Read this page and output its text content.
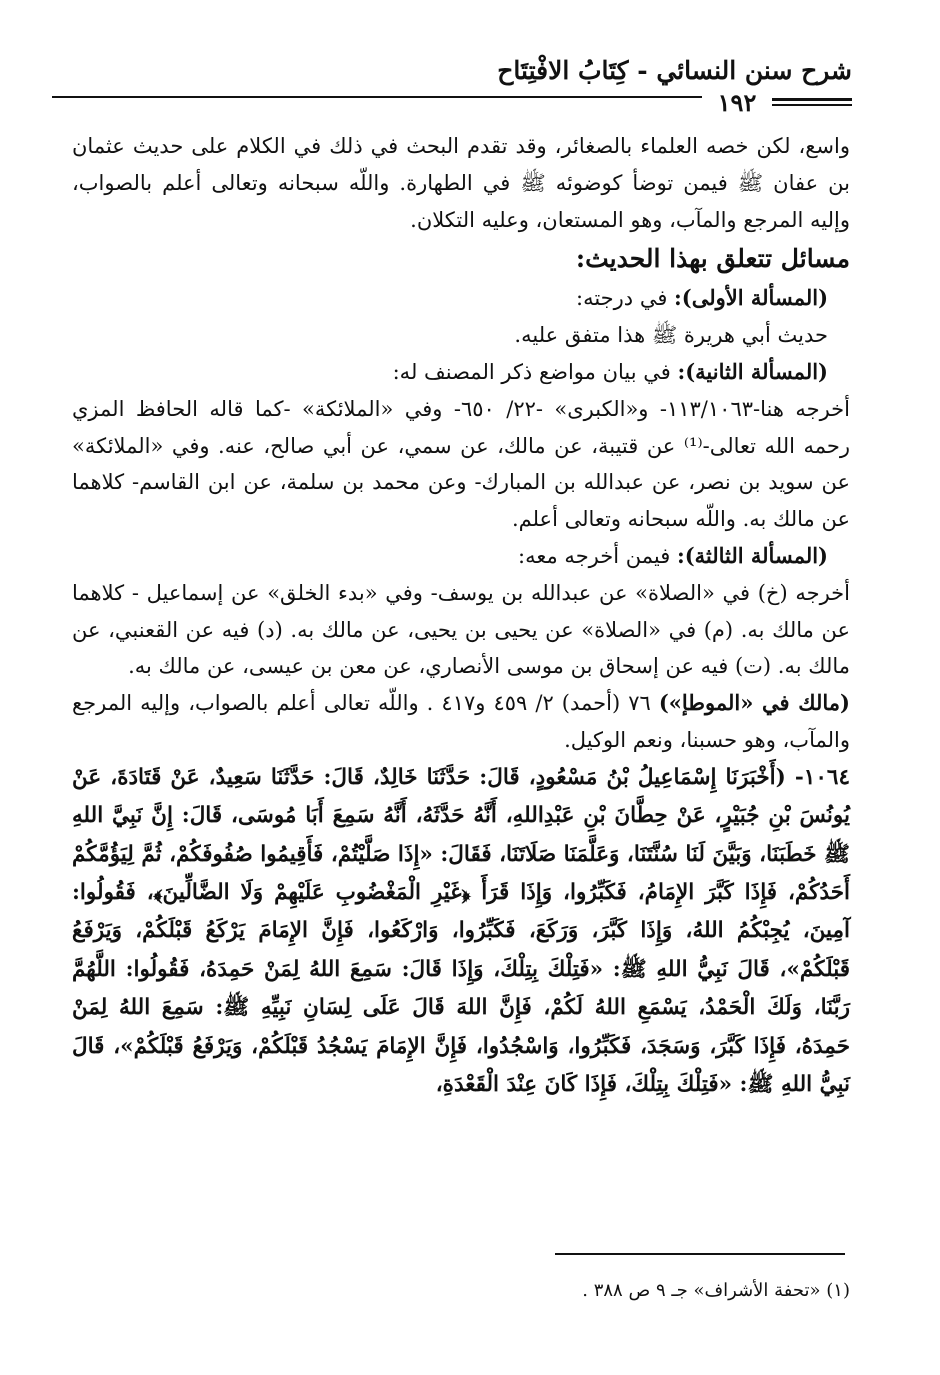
شرح سنن النسائي - كِتَابُ الافْتِتَاح
١٩٢

واسع، لكن خصه العلماء بالصغائر، وقد تقدم البحث في ذلك في الكلام على حديث عثمان بن عفان ﷺ فيمن توضأ كوضوئه ﷺ في الطهارة. واللّه سبحانه وتعالى أعلم بالصواب، وإليه المرجع والمآب، وهو المستعان، وعليه التكلان.

مسائل تتعلق بهذا الحديث:

(المسألة الأولى): في درجته:

حديث أبي هريرة ﷺ هذا متفق عليه.

(المسألة الثانية): في بيان مواضع ذكر المصنف له:

أخرجه هنا-١١٣/١٠٦٣- و«الكبرى» -٢٢/ ٦٥٠- وفي «الملائكة» -كما قاله الحافظ المزي رحمه الله تعالى-⁽¹⁾ عن قتيبة، عن مالك، عن سمي، عن أبي صالح، عنه. وفي «الملائكة» عن سويد بن نصر، عن عبدالله بن المبارك- وعن محمد بن سلمة، عن ابن القاسم- كلاهما عن مالك به. واللّه سبحانه وتعالى أعلم.

(المسألة الثالثة): فيمن أخرجه معه:

أخرجه (خ) في «الصلاة» عن عبدالله بن يوسف- وفي «بدء الخلق» عن إسماعيل - كلاهما عن مالك به. (م) في «الصلاة» عن يحيى بن يحيى، عن مالك به. (د) فيه عن القعنبي، عن مالك به. (ت) فيه عن إسحاق بن موسى الأنصاري، عن معن بن عيسى، عن مالك به.

(مالك في «الموطإ») ٧٦ (أحمد) ٢/ ٤٥٩ و٤١٧ . واللّه تعالى أعلم بالصواب، وإليه المرجع والمآب، وهو حسبنا، ونعم الوكيل.

١٠٦٤- (أَخْبَرَنَا إِسْمَاعِيلُ بْنُ مَسْعُودٍ، قَالَ: حَدَّثَنَا خَالِدٌ، قَالَ: حَدَّثَنَا سَعِيدٌ، عَنْ قَتَادَةَ، عَنْ يُونُسَ بْنِ جُبَيْرٍ، عَنْ حِطَّانَ بْنِ عَبْدِاللهِ، أَنَّهُ حَدَّثَهُ، أَنَّهُ سَمِعَ أَبَا مُوسَى، قَالَ: إِنَّ نَبِيَّ اللهِ ﷺ خَطَبَنَا، وَبَيَّنَ لَنَا سُنَّتَنَا، وَعَلَّمَنَا صَلَاتَنَا، فَقَالَ: «إِذَا صَلَّيْتُمْ، فَأَقِيمُوا صُفُوفَكُمْ، ثُمَّ لِيَؤُمَّكُمْ أَحَدُكُمْ، فَإِذَا كَبَّرَ الإِمَامُ، فَكَبِّرُوا، وَإِذَا قَرَأَ ﴿غَيْرِ الْمَغْضُوبِ عَلَيْهِمْ وَلَا الضَّالِّينَ﴾، فَقُولُوا: آمِينَ، يُجِبْكُمُ اللهُ، وَإِذَا كَبَّرَ، وَرَكَعَ، فَكَبِّرُوا، وَارْكَعُوا، فَإِنَّ الإِمَامَ يَرْكَعُ قَبْلَكُمْ، وَيَرْفَعُ قَبْلَكُمْ»، قَالَ نَبِيُّ اللهِ ﷺ: «فَتِلْكَ بِتِلْكَ، وَإِذَا قَالَ: سَمِعَ اللهُ لِمَنْ حَمِدَهُ، فَقُولُوا: اللَّهُمَّ رَبَّنَا، وَلَكَ الْحَمْدُ، يَسْمَعِ اللهُ لَكُمْ، فَإِنَّ اللهَ قَالَ عَلَى لِسَانِ نَبِيِّهِ ﷺ: سَمِعَ اللهُ لِمَنْ حَمِدَهُ، فَإِذَا كَبَّرَ، وَسَجَدَ، فَكَبِّرُوا، وَاسْجُدُوا، فَإِنَّ الإِمَامَ يَسْجُدُ قَبْلَكُمْ، وَيَرْفَعُ قَبْلَكُمْ»، قَالَ نَبِيُّ اللهِ ﷺ: «فَتِلْكَ بِتِلْكَ، فَإِذَا كَانَ عِنْدَ الْقَعْدَةِ،

(١) «تحفة الأشراف» جـ ٩ ص ٣٨٨ .
